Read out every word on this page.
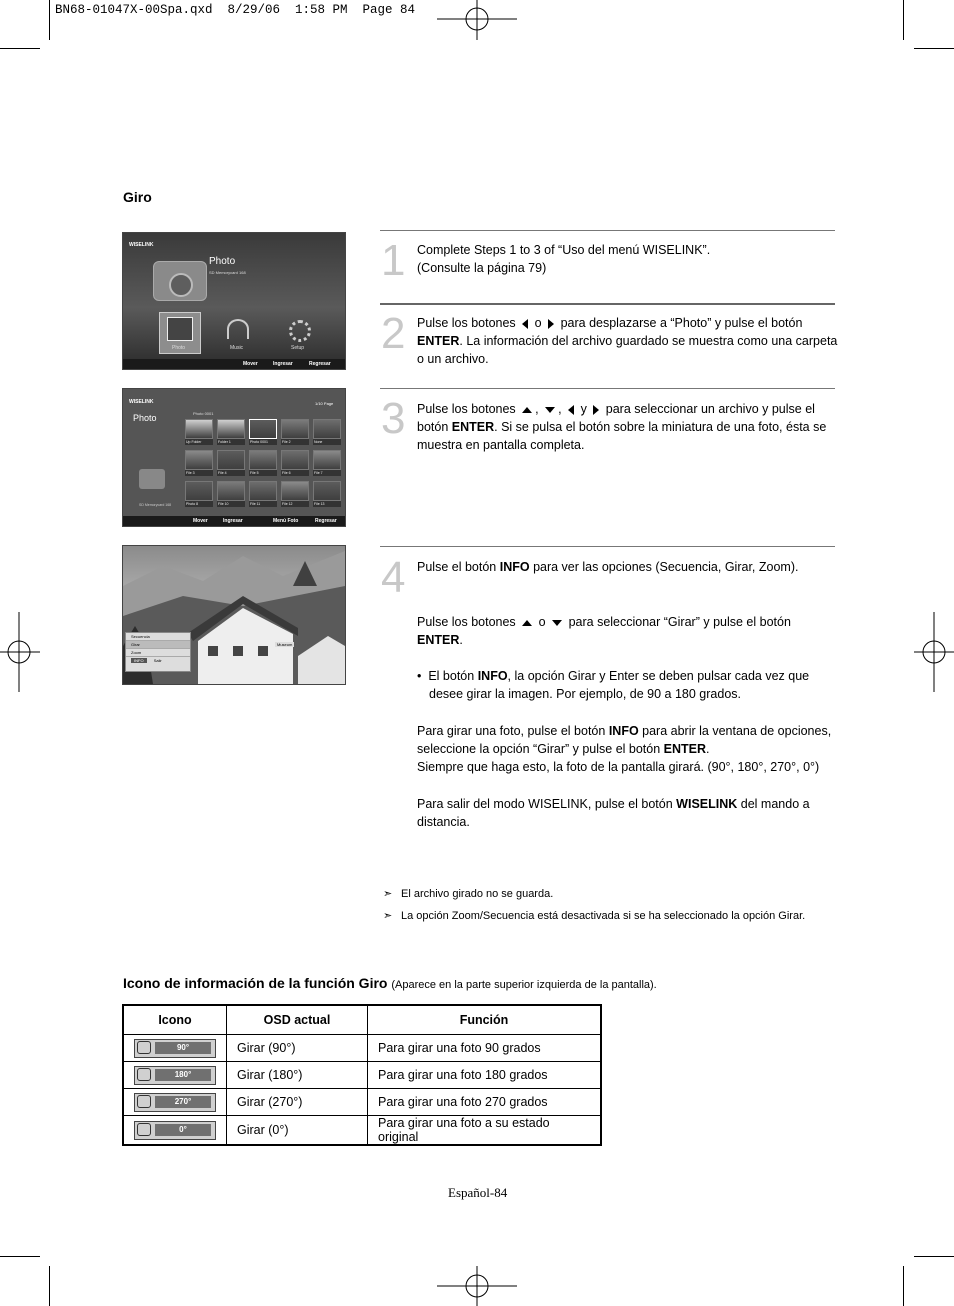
BN68-01047X-00Spa.qxd  8/29/06  1:58 PM  Page 84
Giro
WISELINK
Photo
SD Memorycard 168
Photo	Music	Setup
Mover	Ingresar	Regresar
WISELINK
Photo
SD Memorycard 168
Photo 0001
1/10 Page
Up Folder	Folder 1	Photo 0001	File 2	None
File 3	File 4	File 5	File 6	File 7
Photo 8	File 10	File 11	File 12	File 13
Mover	Ingresar	Menú Foto	Regresar
Museum
Secuencia
Girar
Zoom
INFO	Salir
1 Complete Steps 1 to 3 of “Uso del menú WISELINK”. (Consulte la página 79)
2 Pulse los botones o para desplazarse a “Photo” y pulse el botón ENTER. La información del archivo guardado se muestra como una carpeta o un archivo.
3 Pulse los botones , ,  y para seleccionar un archivo y pulse el botón ENTER. Si se pulsa el botón sobre la miniatura de una foto, ésta se muestra en pantalla completa.
4 Pulse el botón INFO para ver las opciones (Secuencia, Girar, Zoom).
Pulse los botones o para seleccionar “Girar” y pulse el botón ENTER.
•  El botón INFO, la opción Girar y Enter se deben pulsar cada vez que desee girar la imagen. Por ejemplo, de 90 a 180 grados.
Para girar una foto, pulse el botón INFO para abrir la ventana de opciones, seleccione la opción “Girar” y pulse el botón ENTER.
Siempre que haga esto, la foto de la pantalla girará. (90°, 180°, 270°, 0°)
Para salir del modo WISELINK, pulse el botón WISELINK del mando a distancia.
➣ El archivo girado no se guarda.
➣ La opción Zoom/Secuencia está desactivada si se ha seleccionado la opción Girar.
Icono de información de la función Giro (Aparece en la parte superior izquierda de la pantalla).
Icono	OSD actual	Función

90°	Girar (90°)	Para girar una foto 90 grados

180°	Girar (180°)	Para girar una foto 180 grados

270°	Girar (270°)	Para girar una foto 270 grados

0°	Girar (0°)	Para girar una foto a su estado original
Español-84
